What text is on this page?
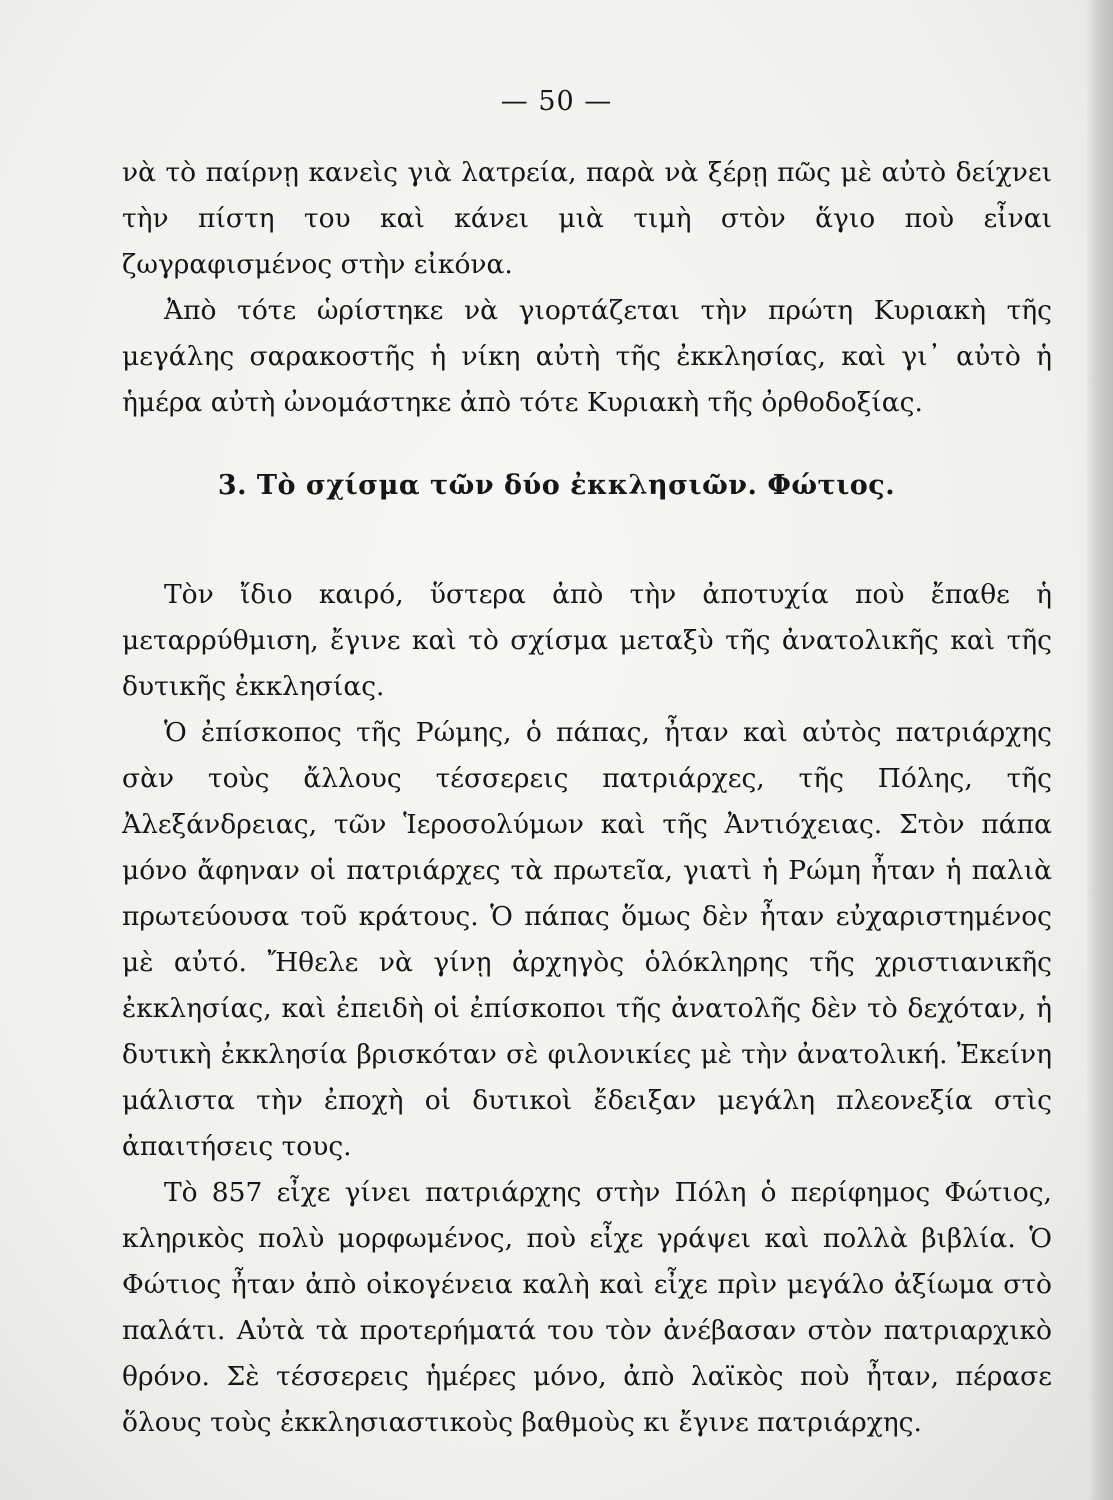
— 50 —

νὰ τὸ παίρνῃ κανεὶς γιὰ λατρεία, παρὰ νὰ ξέρῃ πῶς μὲ αὐτὸ δείχνει τὴν πίστη του καὶ κάνει μιὰ τιμὴ στὸν ἅγιο ποὺ εἶναι ζωγραφισμένος στὴν εἰκόνα.

Ἀπὸ τότε ὡρίστηκε νὰ γιορτάζεται τὴν πρώτη Κυριακὴ τῆς μεγάλης σαρακοστῆς ἡ νίκη αὐτὴ τῆς ἐκκλησίας, καὶ γι᾽ αὐτὸ ἡ ἡμέρα αὐτὴ ὠνομάστηκε ἀπὸ τότε Κυριακὴ τῆς ὀρθοδοξίας.

3. Τὸ σχίσμα τῶν δύο ἐκκλησιῶν. Φώτιος.

Τὸν ἴδιο καιρό, ὕστερα ἀπὸ τὴν ἀποτυχία ποὺ ἔπαθε ἡ μεταρρύθμιση, ἔγινε καὶ τὸ σχίσμα μεταξὺ τῆς ἀνατολικῆς καὶ τῆς δυτικῆς ἐκκλησίας.

Ὁ ἐπίσκοπος τῆς Ρώμης, ὁ πάπας, ἦταν καὶ αὐτὸς πατριάρχης σὰν τοὺς ἄλλους τέσσερεις πατριάρχες, τῆς Πόλης, τῆς Ἀλεξάνδρειας, τῶν Ἱεροσολύμων καὶ τῆς Ἀντιόχειας. Στὸν πάπα μόνο ἄφηναν οἱ πατριάρχες τὰ πρωτεῖα, γιατὶ ἡ Ρώμη ἦταν ἡ παλιὰ πρωτεύουσα τοῦ κράτους. Ὁ πάπας ὅμως δὲν ἦταν εὐχαριστημένος μὲ αὐτό. Ἤθελε νὰ γίνῃ ἀρχηγὸς ὁλόκληρης τῆς χριστιανικῆς ἐκκλησίας, καὶ ἐπειδὴ οἱ ἐπίσκοποι τῆς ἀνατολῆς δὲν τὸ δεχόταν, ἡ δυτικὴ ἐκκλησία βρισκόταν σὲ φιλονικίες μὲ τὴν ἀνατολική. Ἐκείνη μάλιστα τὴν ἐποχὴ οἱ δυτικοὶ ἔδειξαν μεγάλη πλεονεξία στὶς ἀπαιτήσεις τους.

Τὸ 857 εἶχε γίνει πατριάρχης στὴν Πόλη ὁ περίφημος Φώτιος, κληρικὸς πολὺ μορφωμένος, ποὺ εἶχε γράψει καὶ πολλὰ βιβλία. Ὁ Φώτιος ἦταν ἀπὸ οἰκογένεια καλὴ καὶ εἶχε πρὶν μεγάλο ἀξίωμα στὸ παλάτι. Αὐτὰ τὰ προτερήματά του τὸν ἀνέβασαν στὸν πατριαρχικὸ θρόνο. Σὲ τέσσερεις ἡμέρες μόνο, ἀπὸ λαϊκὸς ποὺ ἦταν, πέρασε ὅλους τοὺς ἐκκλησιαστικοὺς βαθμοὺς κι ἔγινε πατριάρχης.
